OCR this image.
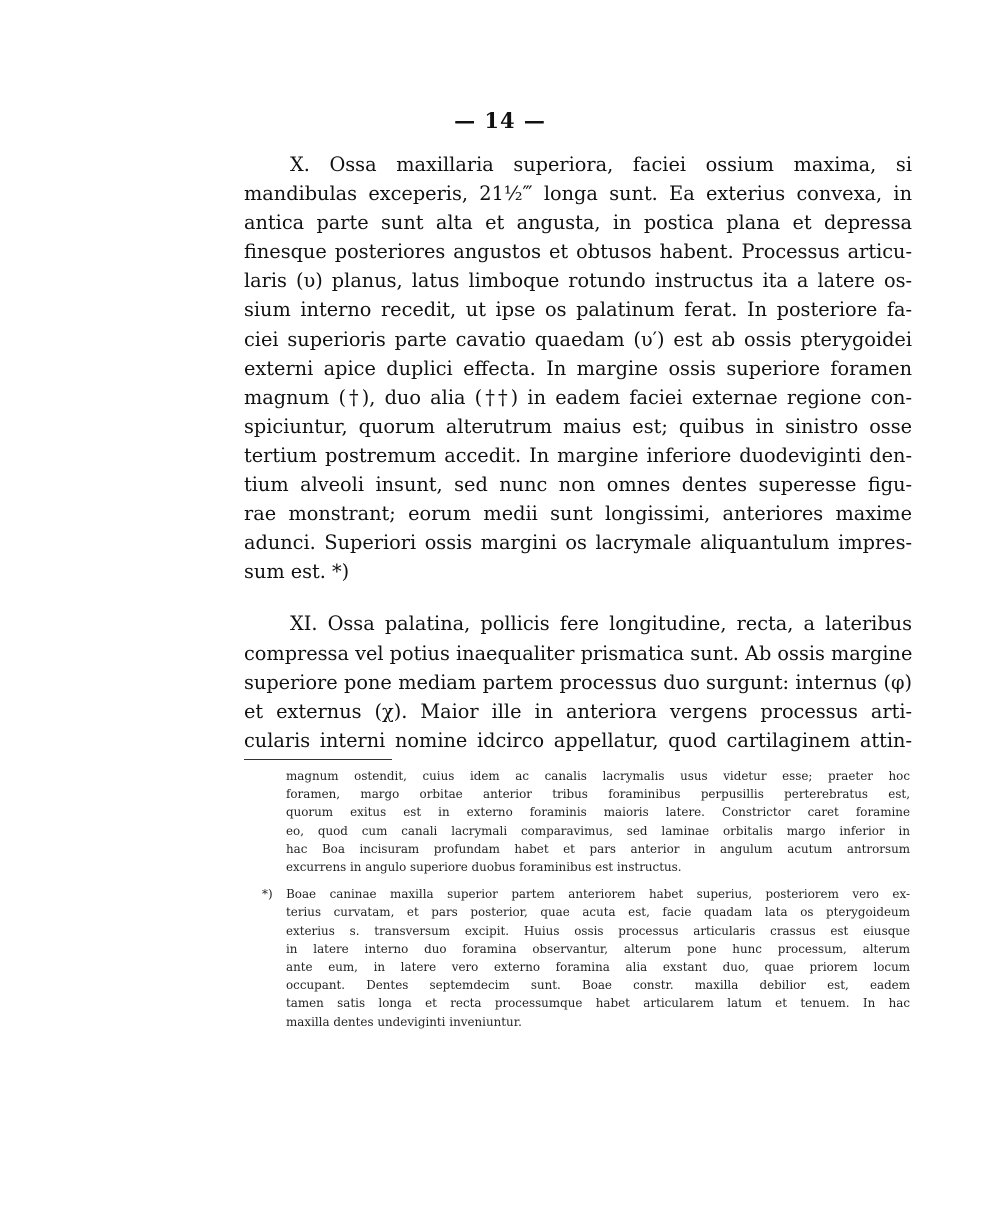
— 14 —
X. Ossa maxillaria superiora, faciei ossium maxima, si
mandibulas exceperis, 21½‴ longa sunt. Ea exterius convexa, in
antica parte sunt alta et angusta, in postica plana et depressa
finesque posteriores angustos et obtusos habent. Processus articu-
laris (υ) planus, latus limboque rotundo instructus ita a latere os-
sium interno recedit, ut ipse os palatinum ferat. In posteriore fa-
ciei superioris parte cavatio quaedam (υ′) est ab ossis pterygoidei
externi apice duplici effecta. In margine ossis superiore foramen
magnum (†), duo alia (††) in eadem faciei externae regione con-
spiciuntur, quorum alterutrum maius est; quibus in sinistro osse
tertium postremum accedit. In margine inferiore duodeviginti den-
tium alveoli insunt, sed nunc non omnes dentes superesse figu-
rae monstrant; eorum medii sunt longissimi, anteriores maxime
adunci. Superiori ossis margini os lacrymale aliquantulum impres-
sum est. *)
XI. Ossa palatina, pollicis fere longitudine, recta, a lateribus
compressa vel potius inaequaliter prismatica sunt. Ab ossis margine
superiore pone mediam partem processus duo surgunt: internus (φ)
et externus (χ). Maior ille in anteriora vergens processus arti-
cularis interni nomine idcirco appellatur, quod cartilaginem attin-
magnum ostendit, cuius idem ac canalis lacrymalis usus videtur esse; praeter hoc
foramen, margo orbitae anterior tribus foraminibus perpusillis perterebratus est,
quorum exitus est in externo foraminis maioris latere. Constrictor caret foramine
eo, quod cum canali lacrymali comparavimus, sed laminae orbitalis margo inferior in
hac Boa incisuram profundam habet et pars anterior in angulum acutum antrorsum
excurrens in angulo superiore duobus foraminibus est instructus.
*) Boae caninae maxilla superior partem anteriorem habet superius, posteriorem vero ex-
terius curvatam, et pars posterior, quae acuta est, facie quadam lata os pterygoideum
exterius s. transversum excipit. Huius ossis processus articularis crassus est eiusque
in latere interno duo foramina observantur, alterum pone hunc processum, alterum
ante eum, in latere vero externo foramina alia exstant duo, quae priorem locum
occupant. Dentes septemdecim sunt. Boae constr. maxilla debilior est, eadem
tamen satis longa et recta processumque habet articularem latum et tenuem. In hac
maxilla dentes undeviginti inveniuntur.
